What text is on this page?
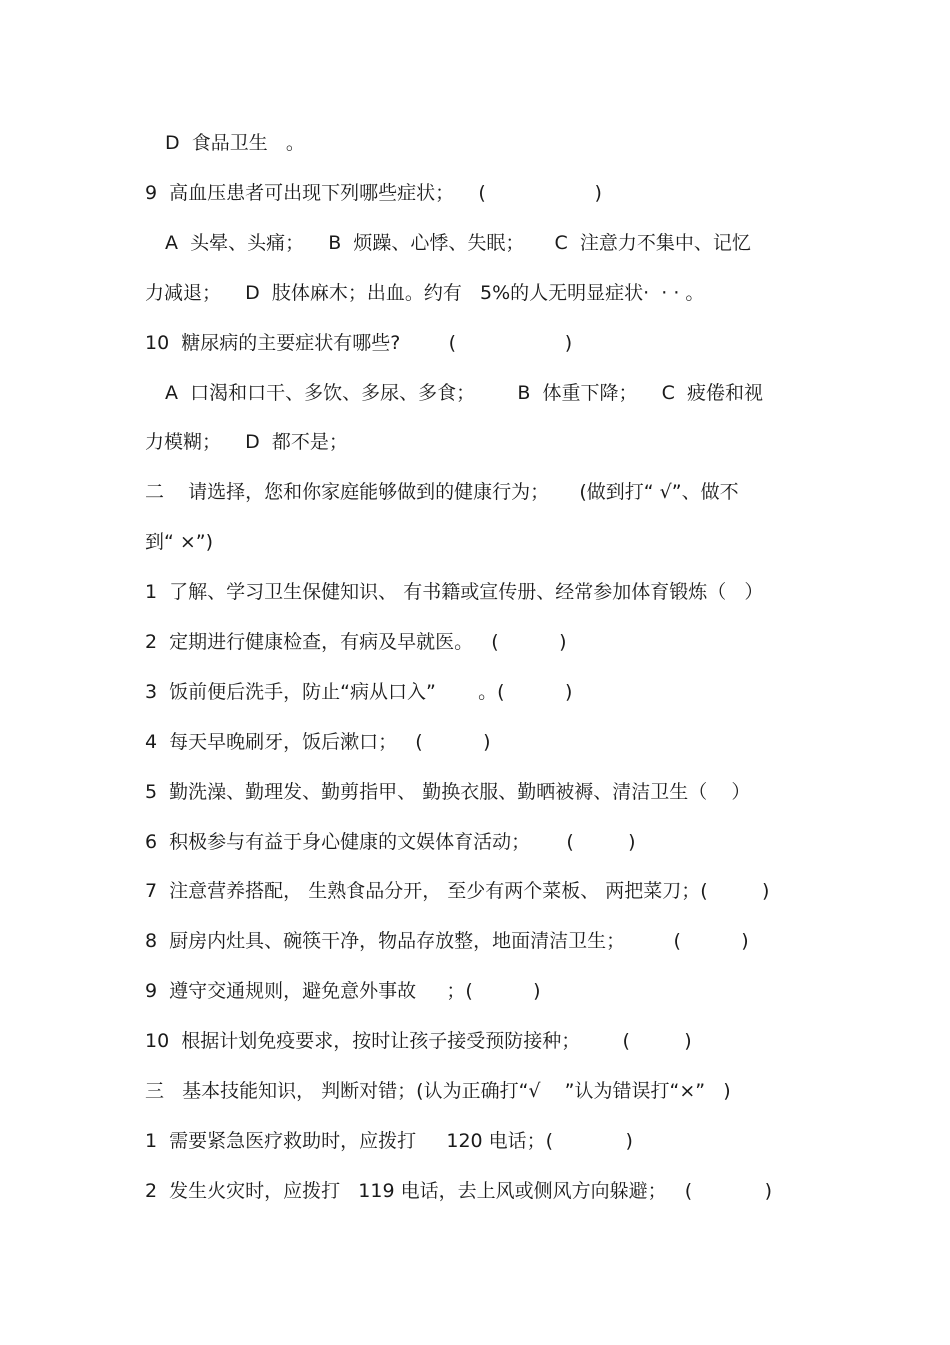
D  食品卫生   。
9  高血压患者可出现下列哪些症状；    (                  )
A  头晕、头痛；    B  烦躁、心悸、失眠；     C  注意力不集中、记忆
力减退；    D  肢体麻木；出血。约有   5%的人无明显症状·  · · 。
10  糖尿病的主要症状有哪些?        (                  )
A  口渴和口干、多饮、多尿、多食；       B  体重下降；    C  疲倦和视
力模糊；    D  都不是；
二    请选择，您和你家庭能够做到的健康行为；     (做到打“ √”、做不
到“ ×”)
1  了解、学习卫生保健知识、 有书籍或宣传册、经常参加体育锻炼（   ）
2  定期进行健康检查，有病及早就医。   (          )
3  饭前便后洗手，防止“病从口入”       。(          )
4  每天早晚刷牙，饭后漱口；   (          )
5  勤洗澡、勤理发、勤剪指甲、 勤换衣服、勤晒被褥、清洁卫生（    ）
6  积极参与有益于身心健康的文娱体育活动；      (         )
7  注意营养搭配， 生熟食品分开， 至少有两个菜板、 两把菜刀；(         )
8  厨房内灶具、碗筷干净，物品存放整，地面清洁卫生；        (          )
9  遵守交通规则，避免意外事故     ；(          )
10  根据计划免疫要求，按时让孩子接受预防接种；       (         )
三   基本技能知识， 判断对错；(认为正确打“√    ”认为错误打“×”   )
1  需要紧急医疗救助时，应拨打     120 电话；(            )
2  发生火灾时，应拨打   119 电话，去上风或侧风方向躲避；   (            )
